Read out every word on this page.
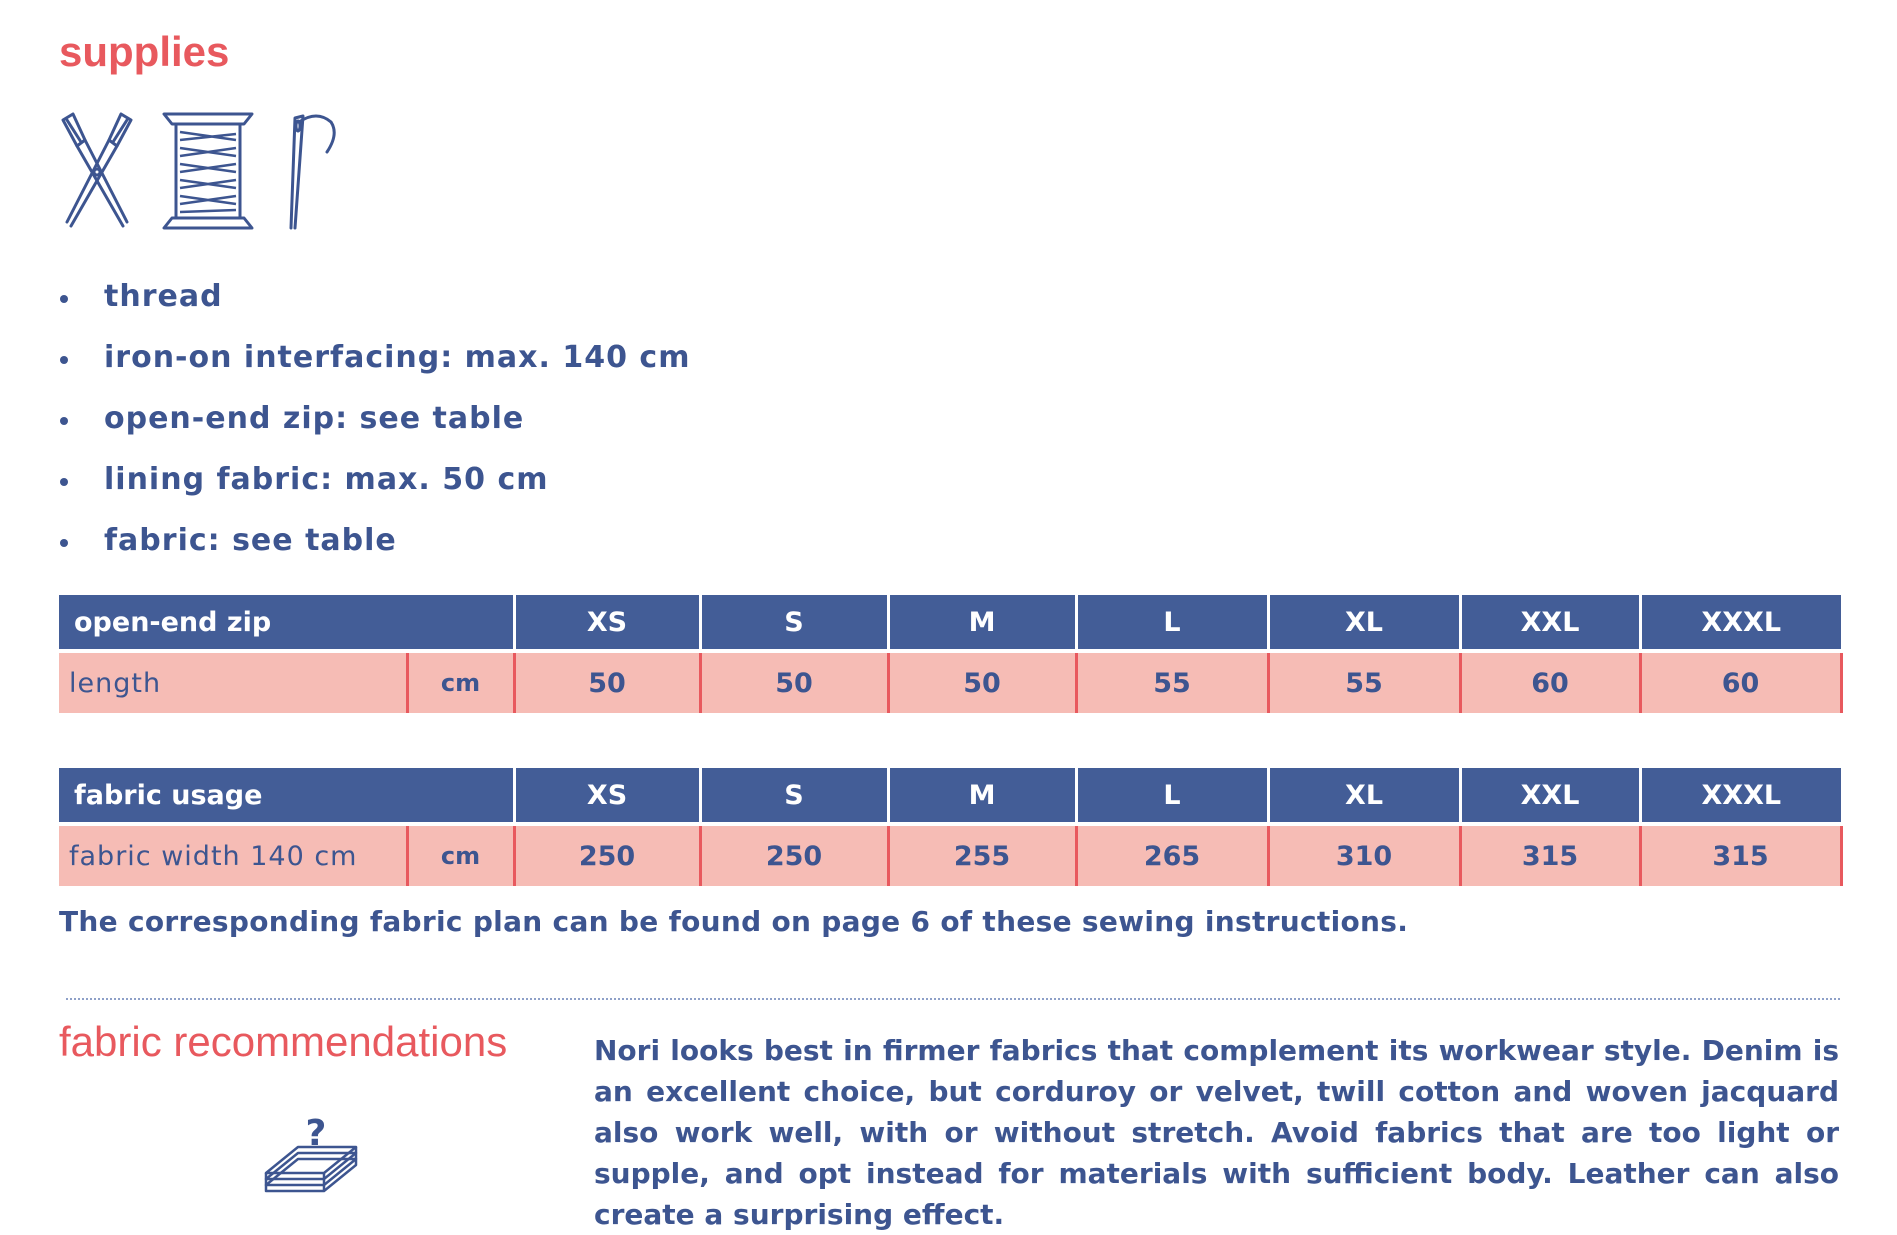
supplies
thread
iron-on interfacing: max. 140 cm
open-end zip: see table
lining fabric: max. 50 cm
fabric: see table
open-end zip		XS	S	M	L	XL	XXL	XXXL
length	cm	50	50	50	55	55	60	60
fabric usage		XS	S	M	L	XL	XXL	XXXL
fabric width 140 cm	cm	250	250	255	265	310	315	315

The corresponding fabric plan can be found on page 6 of these sewing instructions.

fabric recommendations
?

Nori looks best in firmer fabrics that complement its workwear style. Denim is an excellent choice, but corduroy or velvet, twill cotton and woven jacquard also work well, with or without stretch. Avoid fabrics that are too light or supple, and opt instead for materials with sufficient body. Leather can also create a surprising effect.
